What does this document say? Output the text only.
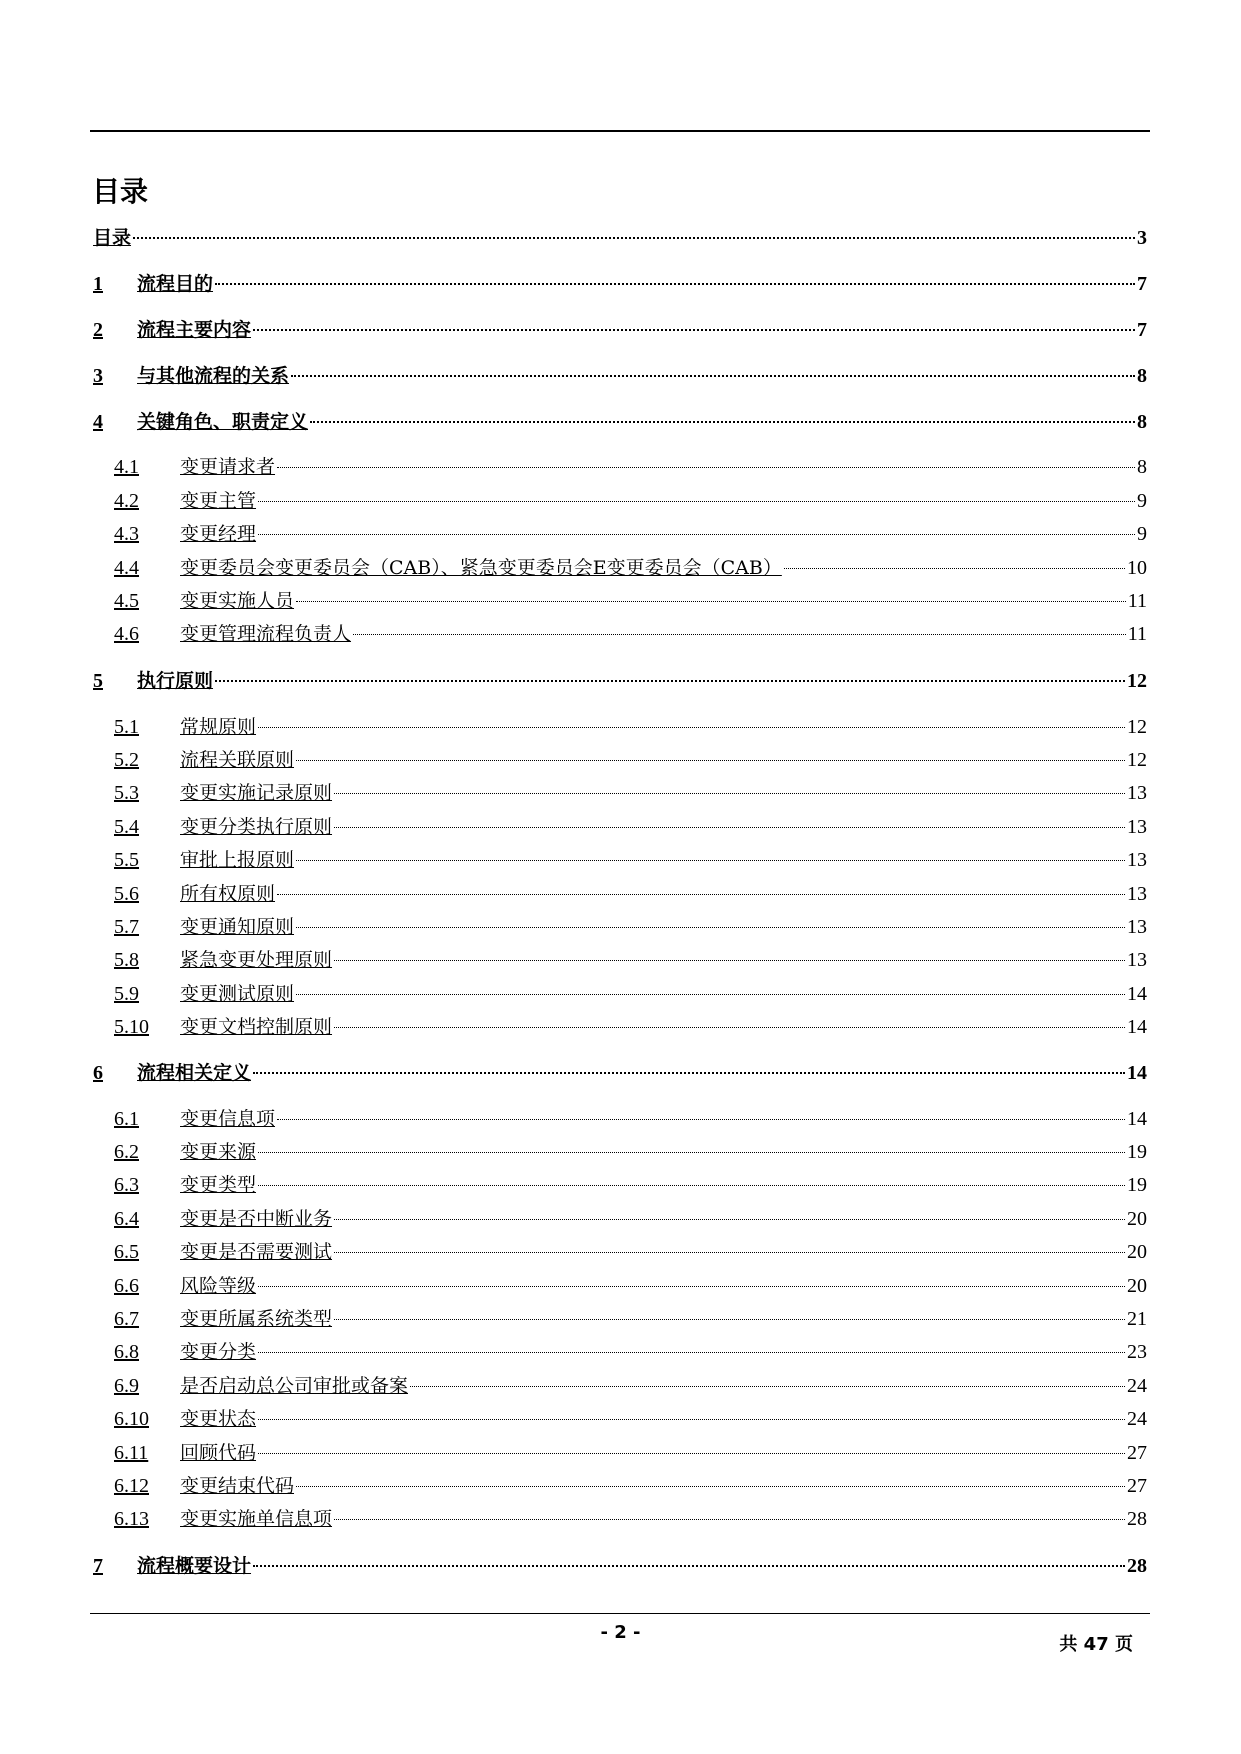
目录
目录	3
1	流程目的	7
2	流程主要内容	7
3	与其他流程的关系	8
4	关键角色、职责定义	8
4.1	变更请求者	8
4.2	变更主管	9
4.3	变更经理	9
4.4	变更委员会变更委员会（CAB）、紧急变更委员会E变更委员会（CAB）	10
4.5	变更实施人员	11
4.6	变更管理流程负责人	11
5	执行原则	12
5.1	常规原则	12
5.2	流程关联原则	12
5.3	变更实施记录原则	13
5.4	变更分类执行原则	13
5.5	审批上报原则	13
5.6	所有权原则	13
5.7	变更通知原则	13
5.8	紧急变更处理原则	13
5.9	变更测试原则	14
5.10	变更文档控制原则	14
6	流程相关定义	14
6.1	变更信息项	14
6.2	变更来源	19
6.3	变更类型	19
6.4	变更是否中断业务	20
6.5	变更是否需要测试	20
6.6	风险等级	20
6.7	变更所属系统类型	21
6.8	变更分类	23
6.9	是否启动总公司审批或备案	24
6.10	变更状态	24
6.11	回顾代码	27
6.12	变更结束代码	27
6.13	变更实施单信息项	28
7	流程概要设计	28
- 2 -
共 47 页
